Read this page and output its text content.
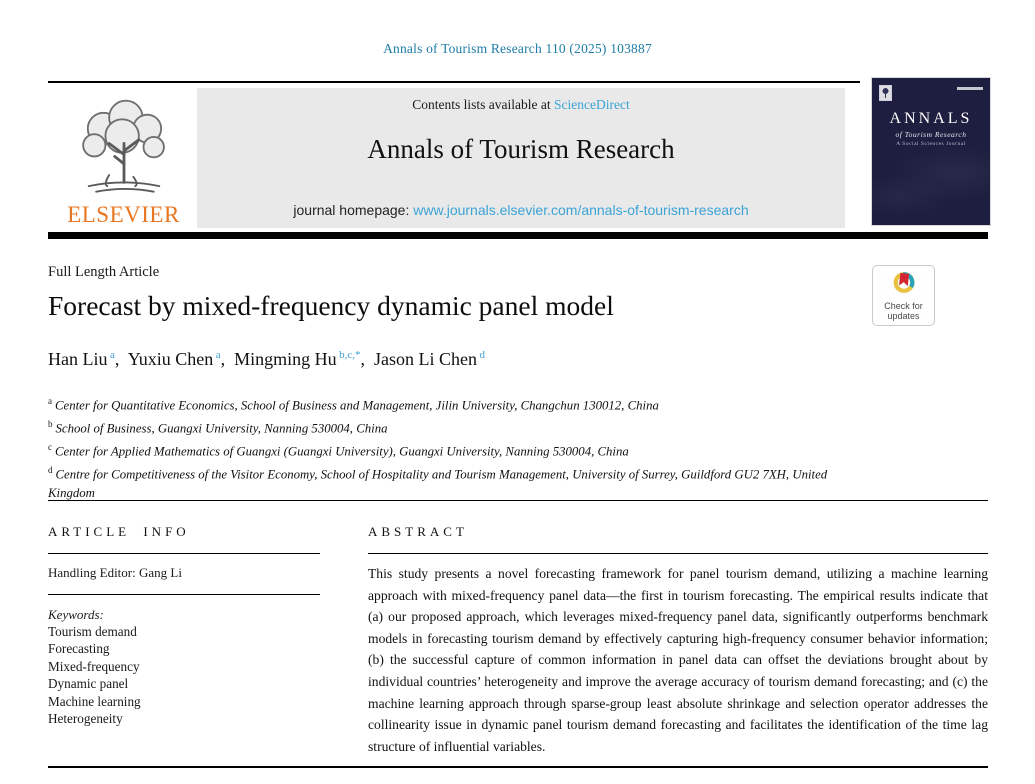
Annals of Tourism Research 110 (2025) 103887
ELSEVIER
Contents lists available at ScienceDirect
Annals of Tourism Research
journal homepage: www.journals.elsevier.com/annals-of-tourism-research
ANNALS
of Tourism Research
A Social Sciences Journal
Full Length Article
Forecast by mixed-frequency dynamic panel model
Han Liu $^a$,  Yuxiu Chen $^a$,  Mingming Hu $^{b,c,*}$,  Jason Li Chen $^d$
Check for
updates
$^a$ Center for Quantitative Economics, School of Business and Management, Jilin University, Changchun 130012, China
$^b$ School of Business, Guangxi University, Nanning 530004, China
$^c$ Center for Applied Mathematics of Guangxi (Guangxi University), Guangxi University, Nanning 530004, China
$^d$ Centre for Competitiveness of the Visitor Economy, School of Hospitality and Tourism Management, University of Surrey, Guildford GU2 7XH, United Kingdom
ARTICLE INFO
Handling Editor: Gang Li
Keywords:
Tourism demand
Forecasting
Mixed-frequency
Dynamic panel
Machine learning
Heterogeneity
ABSTRACT
This study presents a novel forecasting framework for panel tourism demand, utilizing a machine learning approach with mixed-frequency panel data—the first in tourism forecasting. The empirical results indicate that (a) our proposed approach, which leverages mixed-frequency panel data, significantly outperforms benchmark models in forecasting tourism demand by effectively capturing high-frequency consumer behavior information; (b) the successful capture of common information in panel data can offset the deviations brought about by individual countries’ heterogeneity and improve the average accuracy of tourism demand forecasting; and (c) the machine learning approach through sparse-group least absolute shrinkage and selection operator addresses the collinearity issue in dynamic panel tourism demand forecasting and facilitates the identification of the time lag structure of influential variables.
